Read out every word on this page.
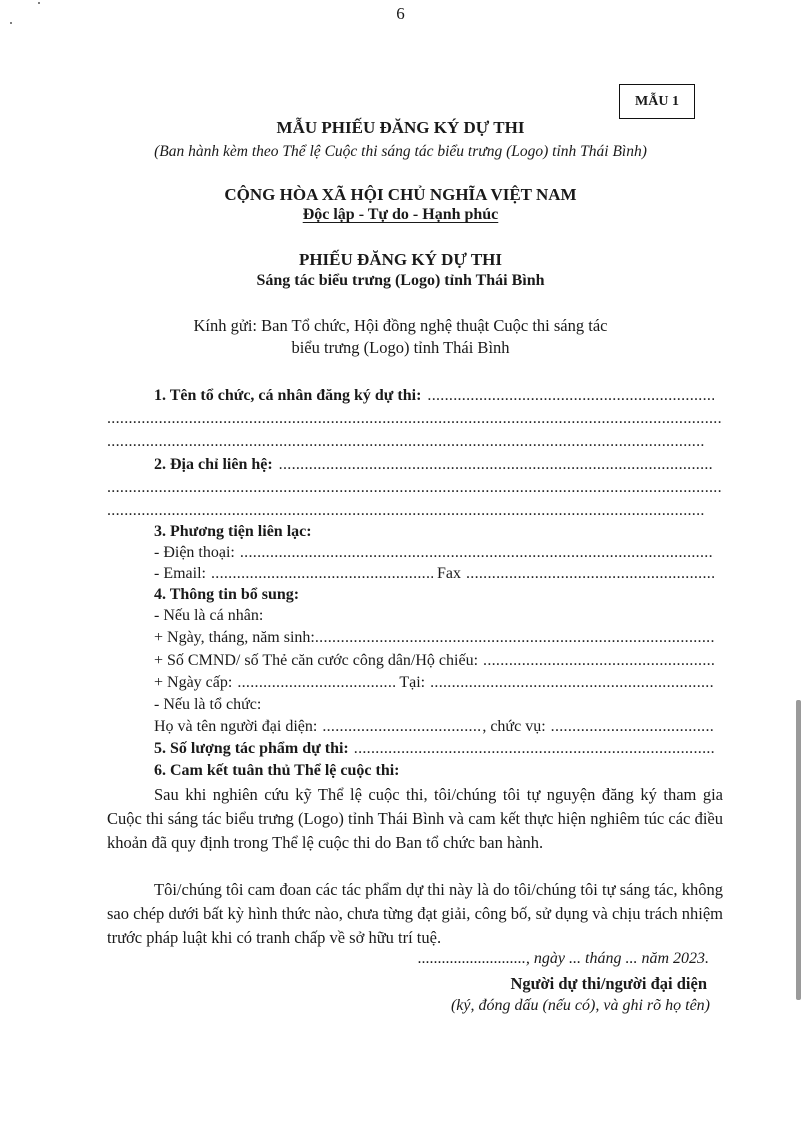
6
MẪU 1
MẪU PHIẾU ĐĂNG KÝ DỰ THI
(Ban hành kèm theo Thể lệ Cuộc thi sáng tác biểu trưng (Logo) tỉnh Thái Bình)
CỘNG HÒA XÃ HỘI CHỦ NGHĨA VIỆT NAM
Độc lập - Tự do - Hạnh phúc
PHIẾU ĐĂNG KÝ DỰ THI
Sáng tác biểu trưng (Logo) tỉnh Thái Bình
Kính gửi: Ban Tổ chức, Hội đồng nghệ thuật Cuộc thi sáng tác
biểu trưng (Logo) tỉnh Thái Bình
1. Tên tổ chức, cá nhân đăng ký dự thi:
.....
.....
.....
2. Địa chỉ liên hệ:
.....
.....
.....
3. Phương tiện liên lạc:
- Điện thoại:
.....
- Email: .....	Fax
.....
4. Thông tin bổ sung:
- Nếu là cá nhân:
+ Ngày, tháng, năm sinh:
.....
+ Số CMND/ số Thẻ căn cước công dân/Hộ chiếu:
.....
+ Ngày cấp: .....	Tại:
.....
- Nếu là tổ chức:
Họ và tên người đại diện: .....	, chức vụ:
.....
5. Số lượng tác phẩm dự thi:
.....
6. Cam kết tuân thủ Thể lệ cuộc thi:
Sau khi nghiên cứu kỹ Thể lệ cuộc thi, tôi/chúng tôi tự nguyện đăng ký tham gia Cuộc thi sáng tác biểu trưng (Logo) tỉnh Thái Bình và cam kết thực hiện nghiêm túc các điều khoản đã quy định trong Thể lệ cuộc thi do Ban tổ chức ban hành.
Tôi/chúng tôi cam đoan các tác phẩm dự thi này là do tôi/chúng tôi tự sáng tác, không sao chép dưới bất kỳ hình thức nào, chưa từng đạt giải, công bố, sử dụng và chịu trách nhiệm trước pháp luật khi có tranh chấp về sở hữu trí tuệ.
..........................., ngày ... tháng ... năm 2023.
Người dự thi/người đại diện
(ký, đóng dấu (nếu có), và ghi rõ họ tên)
